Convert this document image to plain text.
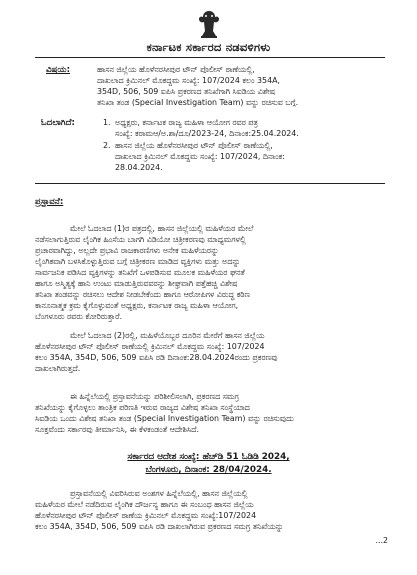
ಕರ್ನಾಟಕ ಸರ್ಕಾರದ ನಡವಳಿಗಳು
ವಿಷಯ:	ಹಾಸನ ಜಿಲ್ಲೆಯ ಹೊಳೆನರಸೀಪುರ ಟೌನ್ ಪೊಲೀಸ್ ಠಾಣೆಯಲ್ಲಿ,
ದಾಖಲಾದ ಕ್ರಿಮಿನಲ್ ಮೊಕದ್ದಮ ಸಂಖ್ಯೆ: 107/2024 ಕಲಂ 354A,
354D, 506, 509 ಐಪಿಸಿ ಪ್ರಕರಣದ ತನಿಖೆಗಾಗಿ ಸಿಐಡಿಯ ವಿಶೇಷ
ತನಿಖಾ ತಂಡ (Special Investigation Team) ವನ್ನು ರಚಿಸುವ ಬಗ್ಗೆ.
ಓದಲಾಗಿದೆ:	1. ಅಧ್ಯಕ್ಷರು, ಕರ್ನಾಟಕ ರಾಜ್ಯ ಮಹಿಳಾ ಆಯೋಗ ರವರ ಪತ್ರ
ಸಂಖ್ಯೆ: ಕರಾಮಆ/ಅ.ಶಾ/ದೂ/2023-24, ದಿನಾಂಕ:25.04.2024.
2. ಹಾಸನ ಜಿಲ್ಲೆಯ ಹೊಳೆನರಸೀಪುರ ಟೌನ್ ಪೊಲೀಸ್ ಠಾಣೆಯಲ್ಲಿ,
ದಾಖಲಾದ ಕ್ರಿಮಿನಲ್ ಮೊಕದ್ದಮ ಸಂಖ್ಯೆ: 107/2024, ದಿನಾಂಕ:
28.04.2024.
ಪ್ರಸ್ತಾವನೆ:
ಮೇಲೆ ಓದಲಾದ (1)ರ ಪತ್ರದಲ್ಲಿ, ಹಾಸನ ಜಿಲ್ಲೆಯಲ್ಲಿ ಮಹಿಳೆಯರ ಮೇಲೆ
ನಡೆಸಲಾಗುತ್ತಿರುವ ಲೈಂಗಿಕ ಹಿಂಸೆಯ ಬಾಗಗಿ ವಿಡಿಯೋ ಚಿತ್ರೀಕರಣವು ಮಾಧ್ಯಮಗಳಲ್ಲಿ
ಪ್ರಚಾರವಾಗಿದ್ದು, ಅಲ್ಲದೇ ಪ್ರಭಾವಿ ರಾಜಕಾರಣಿಗಳು ಅನೇಕ ಮಹಿಳೆಯರನ್ನು
ಲೈಂಗಿಕವಾಗಿ ಬಳಸಿಕೊಳ್ಳುತ್ತಿರುವ ಬಗ್ಗೆ ಚಿತ್ರೀಕರಣ ಮಾಡಿದ ವ್ಯಕ್ತಿಗಳು ಮತ್ತು ಅದನ್ನು
ಸಾರ್ವಜನಿಕ ಪಡಿಸಿದ ವ್ಯಕ್ತಿಗಳನ್ನು ತನಿಖೆಗೆ ಒಳಪಡಿಸುವ ಮೂಲಕ ಮಹಿಳೆಯರ ಘನತೆ
ಹಾಗೂ ಅಸ್ಮಿತ್ಯಕ್ಕೆ ಹಾನಿ ಉಂಟು ಮಾಡುತ್ತಿರುವವರನ್ನು ಶೀಘ್ರವಾಗಿ ಪತ್ತೆಹಚ್ಚಿ ವಿಶೇಷ
ತನಿಖಾ ತಂಡವನ್ನು ರಚಿಸಲು ಆದೇಶ ನೀಡಬೇಕೆಂದು ಹಾಗೂ ಆರೋಪಿಗಳ ವಿರುದ್ಧ ಕಠಿಣ
ಕಾನೂನಾತ್ಮಕ ಕ್ರಮ ಕೈಗೊಳ್ಳುವಂತೆ ಅಧ್ಯಕ್ಷರು, ಕರ್ನಾಟಕ ರಾಜ್ಯ ಮಹಿಳಾ ಆಯೋಗ,
ಬೆಂಗಳೂರು ರವರು ಕೋರಿರುತ್ತಾರೆ.
ಮೇಲೆ ಓದಲಾದ (2)ರಲ್ಲಿ, ಮಹಿಳೆಯೊಬ್ಬರ ದೂರಿನ ಮೇರೆಗೆ ಹಾಸನ ಜಿಲ್ಲೆಯ
ಹೊಳೆನರಸೀಪುರ ಟೌನ್ ಪೊಲೀಸ್ ಠಾಣೆಯಲ್ಲಿ ಕ್ರಿಮಿನಲ್ ಮೊಕದ್ದಮ ಸಂಖ್ಯೆ: 107/2024
ಕಲಂ 354A, 354D, 506, 509 ಐಪಿಸಿ ರಡಿ ದಿನಾಂಕ:28.04.2024ರಂದು ಪ್ರಕರಣವು
ದಾಖಲಾಗಿರುತ್ತದೆ.
ಈ ಹಿನ್ನೆಲೆಯಲ್ಲಿ ಪ್ರಸ್ತಾವನೆಯನ್ನು ಪರಿಶೀಲಿಸಲಾಗಿ, ಪ್ರಕರಣದ ಸಮಗ್ರ
ತನಿಖೆಯನ್ನು ಕೈಗೊಳ್ಳಲು ತಾಂತ್ರಿಕ ಪರಿಣತಿ ಇರುವ ರಾಜ್ಯದ ವಿಶೇಷ ತನಿಖಾ ಸಂಸ್ಥೆಯಾದ
ಸಿಐಡಿಯ ಒಂದು ವಿಶೇಷ ತನಿಖಾ ತಂಡ (Special Investigation Team) ವನ್ನು ರಚಿಸುವುದು
ಸೂಕ್ತವೆಂದು ಸರ್ಕಾರವು ತೀರ್ಮಾನಿಸಿ, ಈ ಕೆಳಕಂಡಂತೆ ಆದೇಶಿಸಿದೆ.
ಸರ್ಕಾರದ ಆದೇಶ ಸಂಖ್ಯೆ: ಹೆಚ್‌ಡಿ 51 ಓಡಿಡಿ 2024,
ಬೆಂಗಳೂರು, ದಿನಾಂಕ: 28/04/2024.
ಪ್ರಸ್ತಾವನೆಯಲ್ಲಿ ವಿವರಿಸಿರುವ ಅಂಶಗಳ ಹಿನ್ನೆಲೆಯಲ್ಲಿ, ಹಾಸನ ಜಿಲ್ಲೆಯಲ್ಲಿ
ಮಹಿಳೆಯರ ಮೇಲೆ ನಡೆದಿರುವ ಲೈಂಗಿಕ ದೌರ್ಜನ್ಯ ಹಾಗೂ ಈ ಸಂಬಂಧ ಹಾಸನ ಜಿಲ್ಲೆಯ
ಹೊಳೆನರಸೀಪುರ ಟೌನ್ ಪೊಲೀಸ್ ಠಾಣೆಯ ಕ್ರಿಮಿನಲ್ ಮೊಕದ್ದಮ ಸಂಖ್ಯೆ:107/2024
ಕಲಂ 354A, 354D, 506, 509 ಐಪಿಸಿ ರಡಿ ದಾಖಲಾಗಿರುವ ಪ್ರಕರಣದ ಸಮಗ್ರ ತನಿಖೆಯನ್ನು
...2
